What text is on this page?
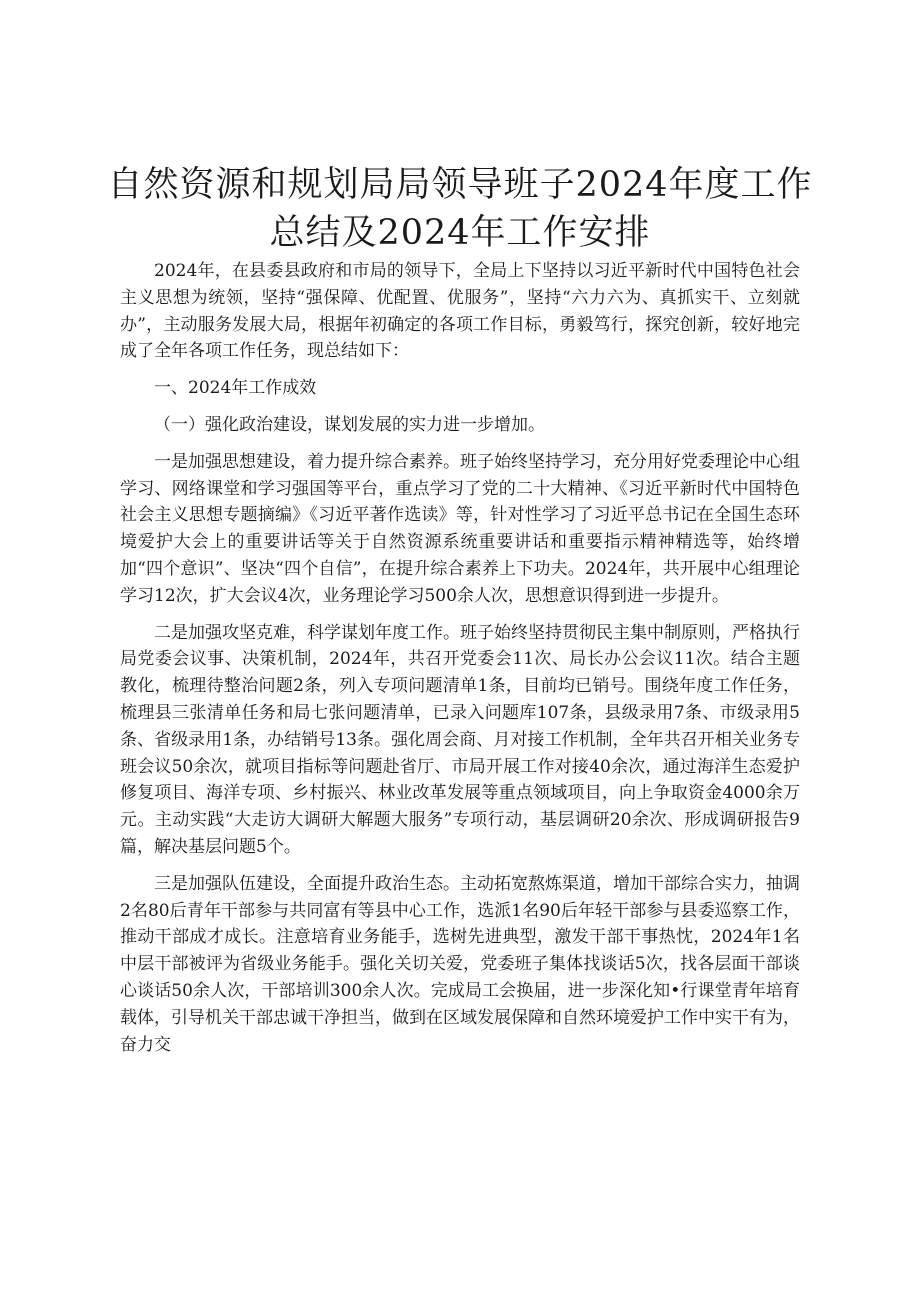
自然资源和规划局局领导班子2024年度工作
总结及2024年工作安排

2024年，在县委县政府和市局的领导下，全局上下坚持以习近平新时代中国特色社会主义思想为统领，坚持“强保障、优配置、优服务”，坚持“六力六为、真抓实干、立刻就办”，主动服务发展大局，根据年初确定的各项工作目标，勇毅笃行，探究创新，较好地完成了全年各项工作任务，现总结如下：

一、2024年工作成效

（一）强化政治建设，谋划发展的实力进一步增加。

一是加强思想建设，着力提升综合素养。班子始终坚持学习，充分用好党委理论中心组学习、网络课堂和学习强国等平台，重点学习了党的二十大精神、《习近平新时代中国特色社会主义思想专题摘编》《习近平著作选读》等，针对性学习了习近平总书记在全国生态环境爱护大会上的重要讲话等关于自然资源系统重要讲话和重要指示精神精选等，始终增加“四个意识”、坚决“四个自信”，在提升综合素养上下功夫。2024年，共开展中心组理论学习12次，扩大会议4次，业务理论学习500余人次，思想意识得到进一步提升。

二是加强攻坚克难，科学谋划年度工作。班子始终坚持贯彻民主集中制原则，严格执行局党委会议事、决策机制，2024年，共召开党委会11次、局长办公会议11次。结合主题教化，梳理待整治问题2条，列入专项问题清单1条，目前均已销号。围绕年度工作任务，梳理县三张清单任务和局七张问题清单，已录入问题库107条，县级录用7条、市级录用5条、省级录用1条，办结销号13条。强化周会商、月对接工作机制，全年共召开相关业务专班会议50余次，就项目指标等问题赴省厅、市局开展工作对接40余次，通过海洋生态爱护修复项目、海洋专项、乡村振兴、林业改革发展等重点领域项目，向上争取资金4000余万元。主动实践“大走访大调研大解题大服务”专项行动，基层调研20余次、形成调研报告9篇，解决基层问题5个。

三是加强队伍建设，全面提升政治生态。主动拓宽熬炼渠道，增加干部综合实力，抽调2名80后青年干部参与共同富有等县中心工作，选派1名90后年轻干部参与县委巡察工作，推动干部成才成长。注意培育业务能手，选树先进典型，激发干部干事热忱，2024年1名中层干部被评为省级业务能手。强化关切关爱，党委班子集体找谈话5次，找各层面干部谈心谈话50余人次，干部培训300余人次。完成局工会换届，进一步深化知•行课堂青年培育载体，引导机关干部忠诚干净担当，做到在区域发展保障和自然环境爱护工作中实干有为，奋力交
